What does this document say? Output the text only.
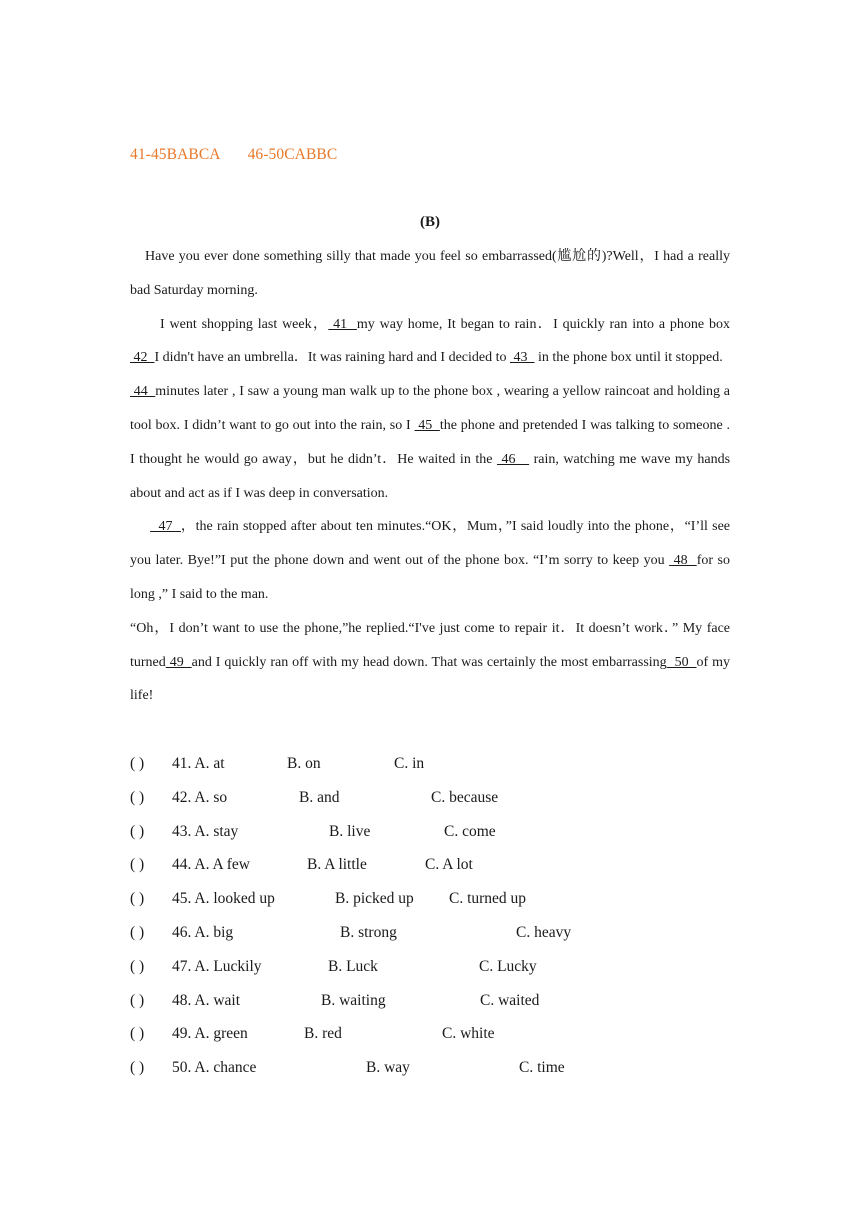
41-45BABCA 46-50CABBC
(B)

Have you ever done something silly that made you feel so embarrassed(尴尬的)?Well，I had a really bad Saturday morning.

I went shopping last week， 41  my way home, It began to rain．I quickly ran into a phone box  42  I didn't have an umbrella．It was raining hard and I decided to  43   in the phone box until it stopped.

44  minutes later , I saw a young man walk up to the phone box , wearing a yellow raincoat and holding a tool box. I didn’t want to go out into the rain, so I  45  the phone and pretended I was talking to someone . I thought he would go away，but he didn’t．He waited in the  46    rain, watching me wave my hands about and act as if I was deep in conversation.

47  ，the rain stopped after about ten minutes.“OK，Mum，”I said loudly into the phone，“I’ll see you later. Bye!”I put the phone down and went out of the phone box. “I’m sorry to keep you  48  for so long ,” I said to the man.

“Oh，I don’t want to use the phone,”he replied.“I've just come to repair it．It doesn’t work．” My face turned 49  and I quickly ran off with my head down. That was certainly the most embarrassing  50  of my life!

( ) 41. A. at	B. on	C. in
( ) 42. A. so	B. and	C. because
( ) 43. A. stay	B. live	C. come
( ) 44. A. A few	B. A little	C. A lot
( ) 45. A. looked up	B. picked up C. turned up
( ) 46. A. big	B. strong	C. heavy
( ) 47. A. Luckily	B. Luck	C. Lucky
( ) 48. A. wait	B. waiting	C. waited
( ) 49. A. green	B. red	C. white
( ) 50. A. chance	B. way	C. time
